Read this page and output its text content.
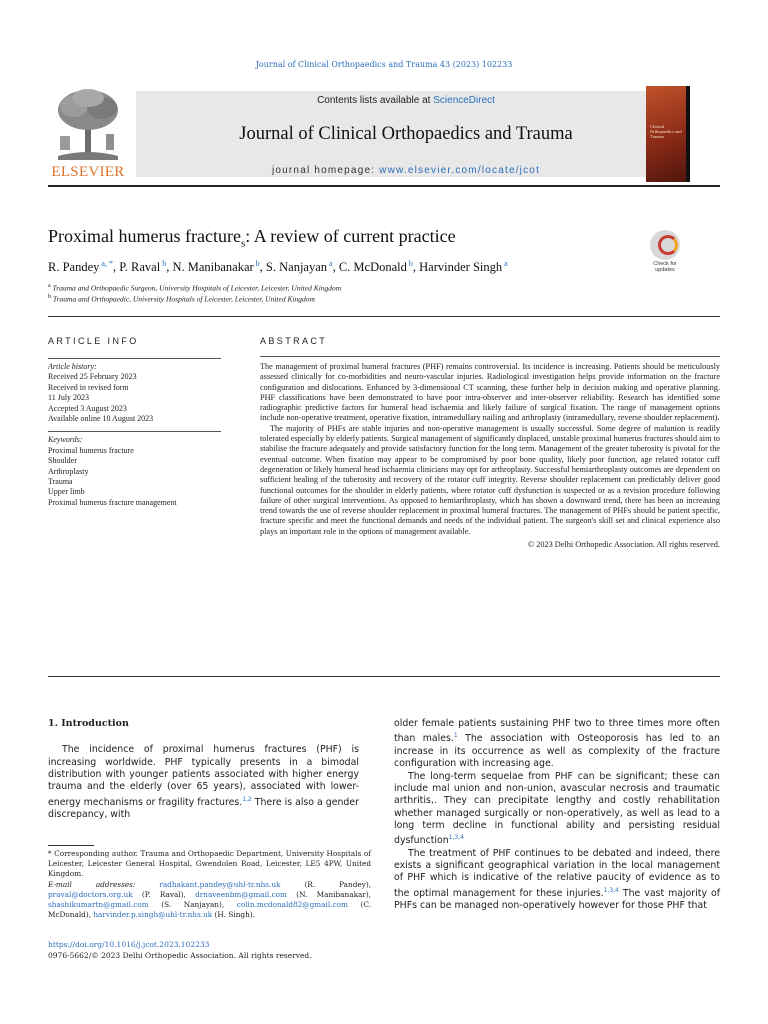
Journal of Clinical Orthopaedics and Trauma 43 (2023) 102233
ELSEVIER
Contents lists available at ScienceDirect
Journal of Clinical Orthopaedics and Trauma
journal homepage: www.elsevier.com/locate/jcot
Clinical Orthopaedics and Trauma
Proximal humerus fracture$_s$: A review of current practice
Check for updates
R. Pandey $^{a, *}$, P. Raval $^b$, N. Manibanakar $^b$, S. Nanjayan $^a$, C. McDonald $^b$, Harvinder Singh $^a$
$^a$ Trauma and Orthopaedic Surgeon, University Hospitals of Leicester, Leicester, United Kingdom
$^b$ Trauma and Orthopaedic, University Hospitals of Leicester, Leicester, United Kingdom
ARTICLE INFO	ABSTRACT
Article history:
Received 25 February 2023
Received in revised form
11 July 2023
Accepted 3 August 2023
Available online 10 August 2023
Keywords:
Proximal humerus fracture
Shoulder
Arthroplasty
Trauma
Upper limb
Proximal humerus fracture management

The management of proximal humeral fractures (PHF) remains controversial. Its incidence is increasing. Patients should be meticulously assessed clinically for co-morbidities and neuro-vascular injuries. Radiological investigation helps provide information on the fracture configuration and dislocations. Enhanced by 3-dimensional CT scanning, these further help in decision making and operative planning. PHF classifications have been demonstrated to have poor intra-observer and inter-observer reliability. Research has identified some radiographic predictive factors for humeral head ischaemia and likely failure of surgical fixation. The range of management options include non-operative treatment, operative fixation, intramedullary nailing and arthroplasty (intramedullary, reverse shoulder replacement).

The majority of PHFs are stable injuries and non-operative management is usually successful. Some degree of malunion is readily tolerated especially by elderly patients. Surgical management of significantly displaced, unstable proximal humerus fractures should aim to stabilise the fracture adequately and provide satisfactory function for the long term. Management of the greater tuberosity is pivotal for the eventual outcome. When fixation may appear to be compromised by poor bone quality, likely poor function, age related rotator cuff degeneration or likely humeral head ischaemia clinicians may opt for arthroplasty. Successful hemiarthroplasty outcomes are dependent on sufficient healing of the tuberosity and recovery of the rotator cuff integrity. Reverse shoulder replacement can predictably deliver good functional outcomes for the shoulder in elderly patients, where rotator cuff dysfunction is suspected or as a revision procedure following failure of other surgical interventions. As opposed to hemiarthroplasty, which has shown a downward trend, there has been an increasing trend towards the use of reverse shoulder replacement in proximal humeral fractures. The management of PHFs should be patient specific, fracture specific and meet the functional demands and needs of the individual patient. The surgeon's skill set and clinical experience also plays an important role in the options of management available.

© 2023 Delhi Orthopedic Association. All rights reserved.
1. Introduction

The incidence of proximal humerus fractures (PHF) is increasing worldwide. PHF typically presents in a bimodal distribution with younger patients associated with higher energy trauma and the elderly (over 65 years), associated with lower-energy mechanisms or fragility fractures.$^{1,2}$ There is also a gender discrepancy, with

older female patients sustaining PHF two to three times more often than males.$^1$ The association with Osteoporosis has led to an increase in its occurrence as well as complexity of the fracture configuration with increasing age.

The long-term sequelae from PHF can be significant; these can include mal union and non-union, avascular necrosis and traumatic arthritis,. They can precipitate lengthy and costly rehabilitation whether managed surgically or non-operatively, as well as lead to a long term decline in functional ability and persisting residual dysfunction$^{1,3,4}$

The treatment of PHF continues to be debated and indeed, there exists a significant geographical variation in the local management of PHF which is indicative of the relative paucity of evidence as to the optimal management for these injuries.$^{1,3,4}$ The vast majority of PHFs can be managed non-operatively however for those PHF that

* Corresponding author. Trauma and Orthopaedic Department, University Hospitals of Leicester, Leicester General Hospital, Gwendolen Road, Leicester, LE5 4PW, United Kingdom.
E-mail addresses: radhakant.pandey@uhl-tr.nhs.uk (R. Pandey), praval@doctors.org.uk (P. Raval), drnaveenbm@gmail.com (N. Manibanakar), shashikumartn@gmail.com (S. Nanjayan), colin.mcdonald82@gmail.com (C. McDonald), harvinder.p.singh@uhl-tr.nhs.uk (H. Singh).
https://doi.org/10.1016/j.jcot.2023.102233
0976-5662/© 2023 Delhi Orthopedic Association. All rights reserved.
